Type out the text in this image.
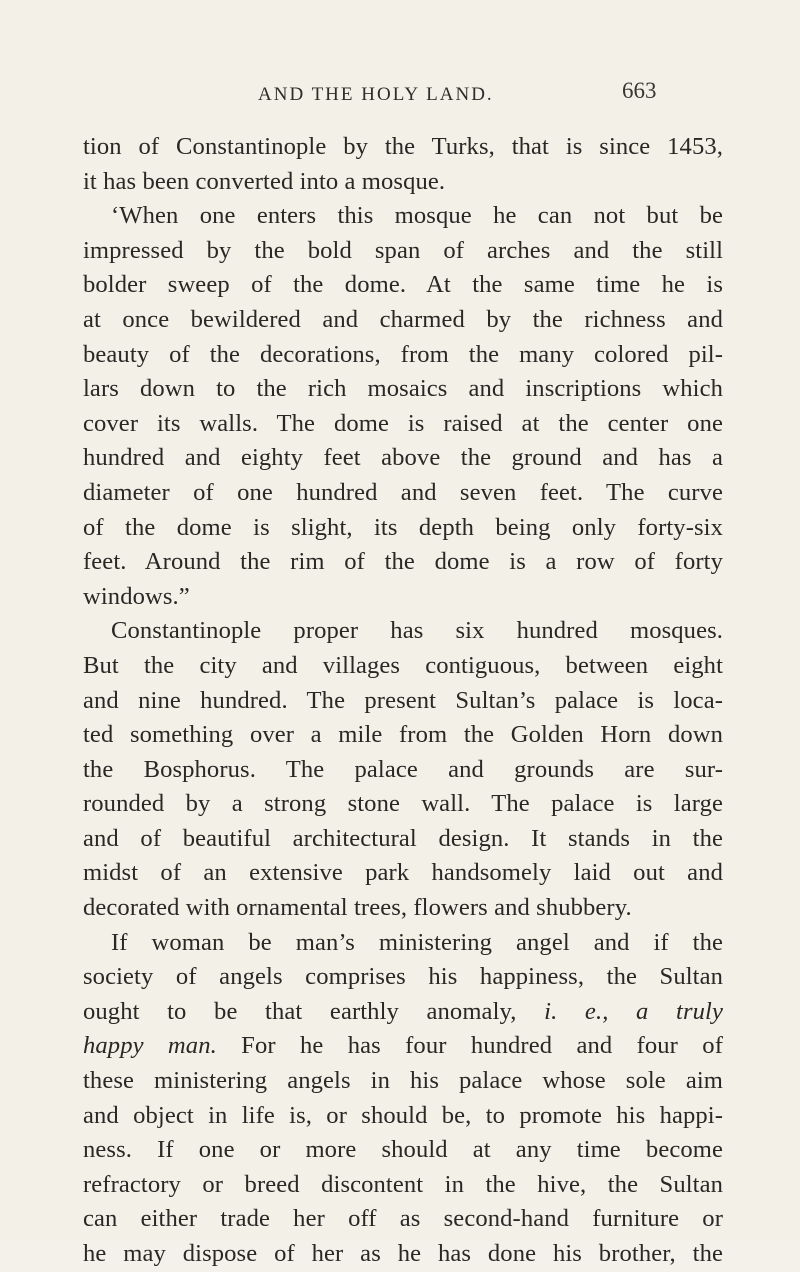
AND THE HOLY LAND.	663
tion of Constantinople by the Turks, that is since 1453,
it has been converted into a mosque.
‘When one enters this mosque he can not but be
impressed by the bold span of arches and the still
bolder sweep of the dome. At the same time he is
at once bewildered and charmed by the richness and
beauty of the decorations, from the many colored pil-
lars down to the rich mosaics and inscriptions which
cover its walls. The dome is raised at the center one
hundred and eighty feet above the ground and has a
diameter of one hundred and seven feet. The curve
of the dome is slight, its depth being only forty-six
feet. Around the rim of the dome is a row of forty
windows.”
Constantinople proper has six hundred mosques.
But the city and villages contiguous, between eight
and nine hundred. The present Sultan’s palace is loca-
ted something over a mile from the Golden Horn down
the Bosphorus. The palace and grounds are sur-
rounded by a strong stone wall. The palace is large
and of beautiful architectural design. It stands in the
midst of an extensive park handsomely laid out and
decorated with ornamental trees, flowers and shubbery.
If woman be man’s ministering angel and if the
society of angels comprises his happiness, the Sultan
ought to be that earthly anomaly, i. e., a truly
happy man. For he has four hundred and four of
these ministering angels in his palace whose sole aim
and object in life is, or should be, to promote his happi-
ness. If one or more should at any time become
refractory or breed discontent in the hive, the Sultan
can either trade her off as second-hand furniture or
he may dispose of her as he has done his brother, the
